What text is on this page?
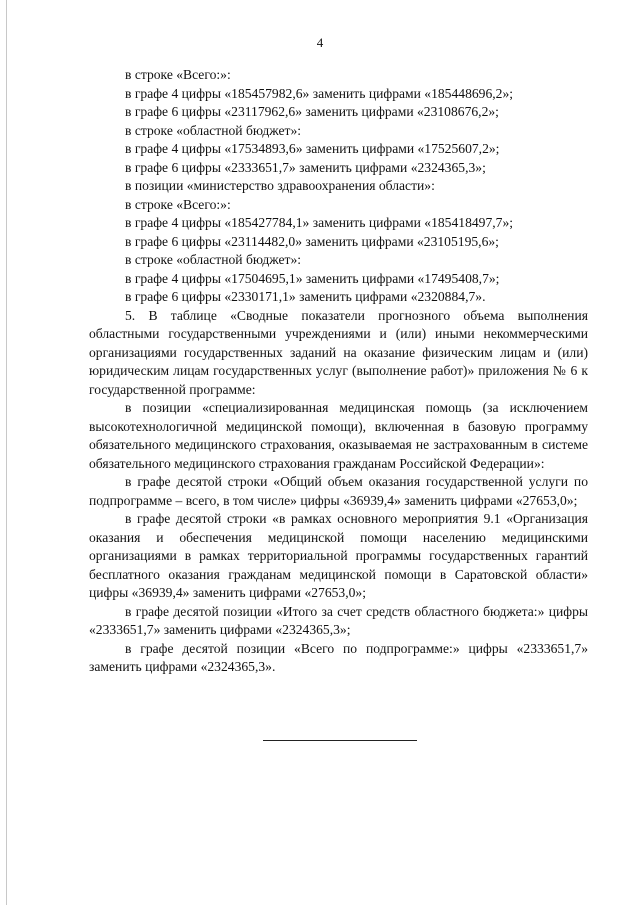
4
в строке «Всего:»:
в графе 4 цифры «185457982,6» заменить цифрами «185448696,2»;
в графе 6 цифры «23117962,6» заменить цифрами «23108676,2»;
в строке «областной бюджет»:
в графе 4 цифры «17534893,6» заменить цифрами «17525607,2»;
в графе 6 цифры «2333651,7» заменить цифрами «2324365,3»;
в позиции «министерство здравоохранения области»:
в строке «Всего:»:
в графе 4 цифры «185427784,1» заменить цифрами «185418497,7»;
в графе 6 цифры «23114482,0» заменить цифрами «23105195,6»;
в строке «областной бюджет»:
в графе 4 цифры «17504695,1» заменить цифрами «17495408,7»;
в графе 6 цифры «2330171,1» заменить цифрами «2320884,7».
5. В таблице «Сводные показатели прогнозного объема выполнения областными государственными учреждениями и (или) иными некоммерческими организациями государственных заданий на оказание физическим лицам и (или) юридическим лицам государственных услуг (выполнение работ)» приложения № 6 к государственной программе:
в позиции «специализированная медицинская помощь (за исключением высокотехнологичной медицинской помощи), включенная в базовую программу обязательного медицинского страхования, оказываемая не застрахованным в системе обязательного медицинского страхования гражданам Российской Федерации»:
в графе десятой строки «Общий объем оказания государственной услуги по подпрограмме – всего, в том числе» цифры «36939,4» заменить цифрами «27653,0»;
в графе десятой строки «в рамках основного мероприятия 9.1 «Организация оказания и обеспечения медицинской помощи населению медицинскими организациями в рамках территориальной программы государственных гарантий бесплатного оказания гражданам медицинской помощи в Саратовской области» цифры «36939,4» заменить цифрами «27653,0»;
в графе десятой позиции «Итого за счет средств областного бюджета:» цифры «2333651,7» заменить цифрами «2324365,3»;
в графе десятой позиции «Всего по подпрограмме:» цифры «2333651,7» заменить цифрами «2324365,3».
